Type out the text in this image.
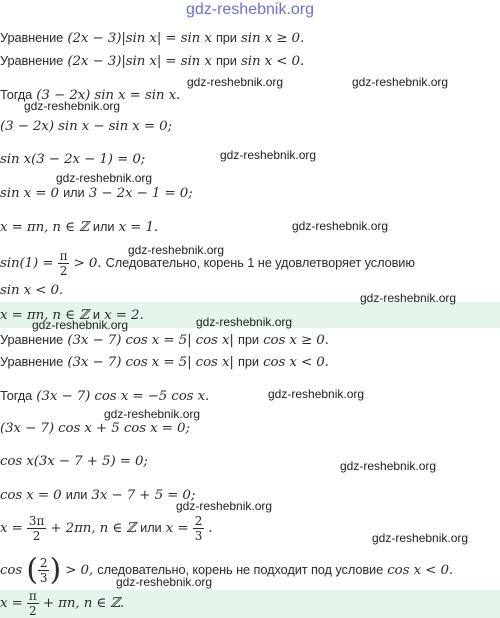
gdz-reshebnik.org
Уравнение (2x − 3)|sin x| = sin x при sin x ≥ 0.
Уравнение (2x − 3)|sin x| = sin x при sin x < 0.
Тогда (3 − 2x) sin x = sin x.
(3 − 2x) sin x − sin x = 0;
sin x(3 − 2x − 1) = 0;
sin x = 0 или 3 − 2x − 1 = 0;
x = πn, n ∈ ℤ или x = 1.
$\sin(1) = \frac{\pi}{2} > 0$. Следовательно, корень 1 не удовлетворяет условию
sin x < 0.
x = πn, n ∈ ℤ и x = 2.
Уравнение (3x − 7) cos x = 5| cos x| при cos x ≥ 0.
Уравнение (3x − 7) cos x = 5| cos x| при cos x < 0.
Тогда (3x − 7) cos x = −5 cos x.
(3x − 7) cos x + 5 cos x = 0;
cos x(3x − 7 + 5) = 0;
cos x = 0 или 3x − 7 + 5 = 0;
$x = \frac{3\pi}{2} + 2\pi n$, n ∈ ℤ или $x = \frac{2}{3}$ .
cos ( $\frac{2}{3}$ ) > 0, следовательно, корень не подходит под условие cos x < 0.
$x = \frac{\pi}{2} + \pi n$, n ∈ ℤ.
gdz-reshebnik.org	gdz-reshebnik.org
gdz-reshebnik.org
gdz-reshebnik.org
gdz-reshebnik.org
gdz-reshebnik.org
gdz-reshebnik.org
gdz-reshebnik.org
gdz-reshebnik.org	gdz-reshebnik.org
gdz-reshebnik.org
gdz-reshebnik.org
gdz-reshebnik.org
gdz-reshebnik.org
gdz-reshebnik.org
gdz-reshebnik.org
